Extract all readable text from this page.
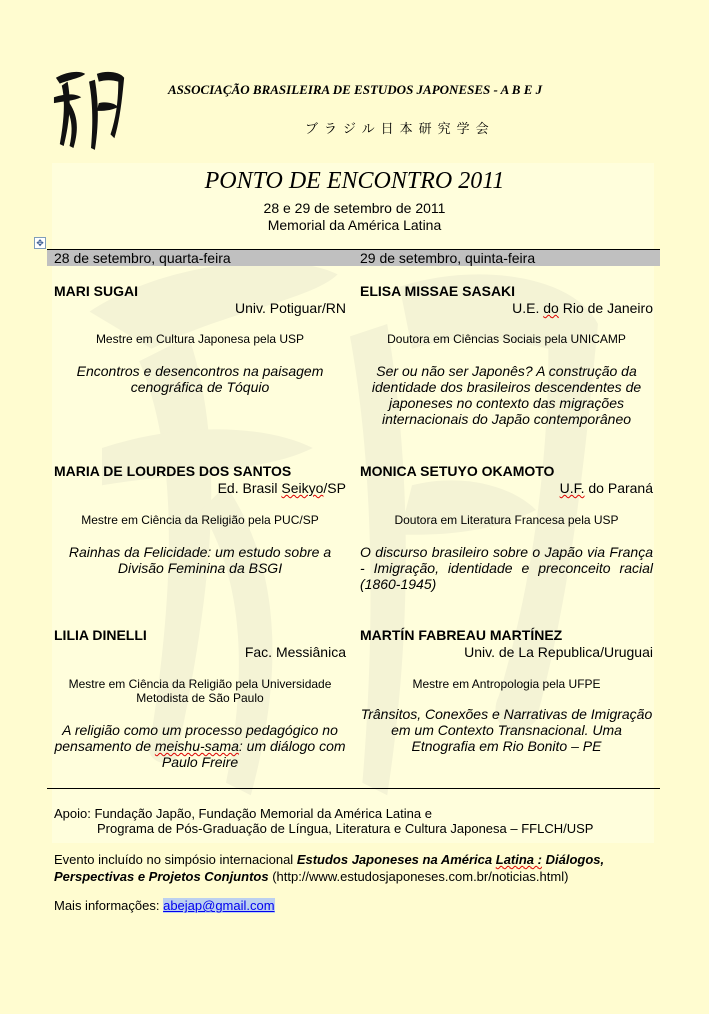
ASSOCIAÇÃO BRASILEIRA DE ESTUDOS JAPONESES - A B E J
ブラジル日本研究学会
PONTO DE ENCONTRO 2011
28 e 29 de setembro de 2011
Memorial da América Latina
✥
28 de setembro, quarta-feira	29 de setembro, quinta-feira
MARI SUGAI
Univ. Potiguar/RN
Mestre em Cultura Japonesa pela USP
Encontros e desencontros na paisagem cenográfica de Tóquio
ELISA MISSAE SASAKI
U.E. do Rio de Janeiro
Doutora em Ciências Sociais pela UNICAMP
Ser ou não ser Japonês? A construção da identidade dos brasileiros descendentes de japoneses no contexto das migrações internacionais do Japão contemporâneo
MARIA DE LOURDES DOS SANTOS
Ed. Brasil Seikyo/SP
Mestre em Ciência da Religião pela PUC/SP
Rainhas da Felicidade: um estudo sobre a Divisão Feminina da BSGI
MONICA SETUYO OKAMOTO
U.F. do Paraná
Doutora em Literatura Francesa pela USP
O discurso brasileiro sobre o Japão via França - Imigração, identidade e preconceito racial (1860-1945)
LILIA DINELLI
Fac. Messiânica
Mestre em Ciência da Religião pela Universidade Metodista de São Paulo
A religião como um processo pedagógico no pensamento de meishu-sama: um diálogo com Paulo Freire
MARTÍN FABREAU MARTÍNEZ
Univ. de La Republica/Uruguai
Mestre em Antropologia pela UFPE
Trânsitos, Conexões e Narrativas de Imigração em um Contexto Transnacional. Uma Etnografia em Rio Bonito – PE
Apoio: Fundação Japão, Fundação Memorial da América Latina e
Programa de Pós-Graduação de Língua, Literatura e Cultura Japonesa – FFLCH/USP
Evento incluído no simpósio internacional Estudos Japoneses na América Latina : Diálogos, Perspectivas e Projetos Conjuntos (http://www.estudosjaponeses.com.br/noticias.html)
Mais informações: abejap@gmail.com
